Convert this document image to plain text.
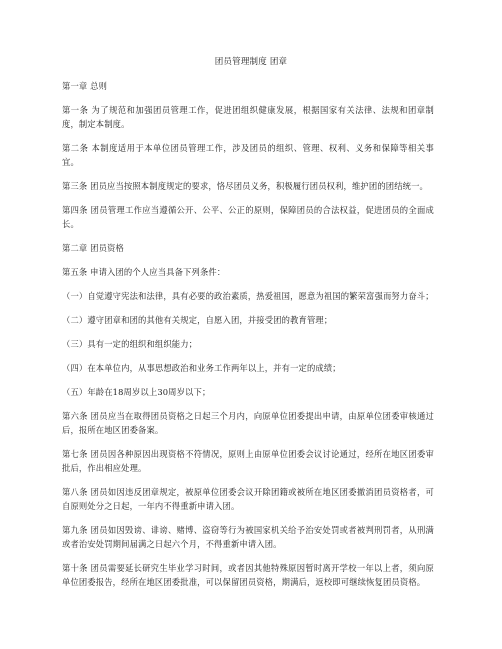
团员管理制度 团章

第一章 总则

第一条 为了规范和加强团员管理工作，促进团组织健康发展，根据国家有关法律、法规和团章制度，制定本制度。

第二条 本制度适用于本单位团员管理工作，涉及团员的组织、管理、权利、义务和保障等相关事宜。

第三条 团员应当按照本制度规定的要求，恪尽团员义务，积极履行团员权利，维护团的团结统一。

第四条 团员管理工作应当遵循公开、公平、公正的原则，保障团员的合法权益，促进团员的全面成长。

第二章 团员资格

第五条 申请入团的个人应当具备下列条件：

（一）自觉遵守宪法和法律，具有必要的政治素质，热爱祖国，愿意为祖国的繁荣富强而努力奋斗；

（二）遵守团章和团的其他有关规定，自愿入团，并接受团的教育管理；

（三）具有一定的组织和组织能力；

（四）在本单位内，从事思想政治和业务工作两年以上，并有一定的成绩；

（五）年龄在18周岁以上30周岁以下；

第六条 团员应当在取得团员资格之日起三个月内，向原单位团委提出申请，由原单位团委审核通过后，报所在地区团委备案。

第七条 团员因各种原因出现资格不符情况，原则上由原单位团委会议讨论通过，经所在地区团委审批后，作出相应处理。

第八条 团员如因违反团章规定，被原单位团委会议开除团籍或被所在地区团委撤消团员资格者，可自原则处分之日起，一年内不得重新申请入团。

第九条 团员如因毁谤、诽谤、赌博、盗窃等行为被国家机关给予治安处罚或者被判刑罚者，从刑满或者治安处罚期间届满之日起六个月，不得重新申请入团。

第十条 团员需要延长研究生毕业学习时间，或者因其他特殊原因暂时离开学校一年以上者，须向原单位团委报告，经所在地区团委批准，可以保留团员资格，期满后，返校即可继续恢复团员资格。
